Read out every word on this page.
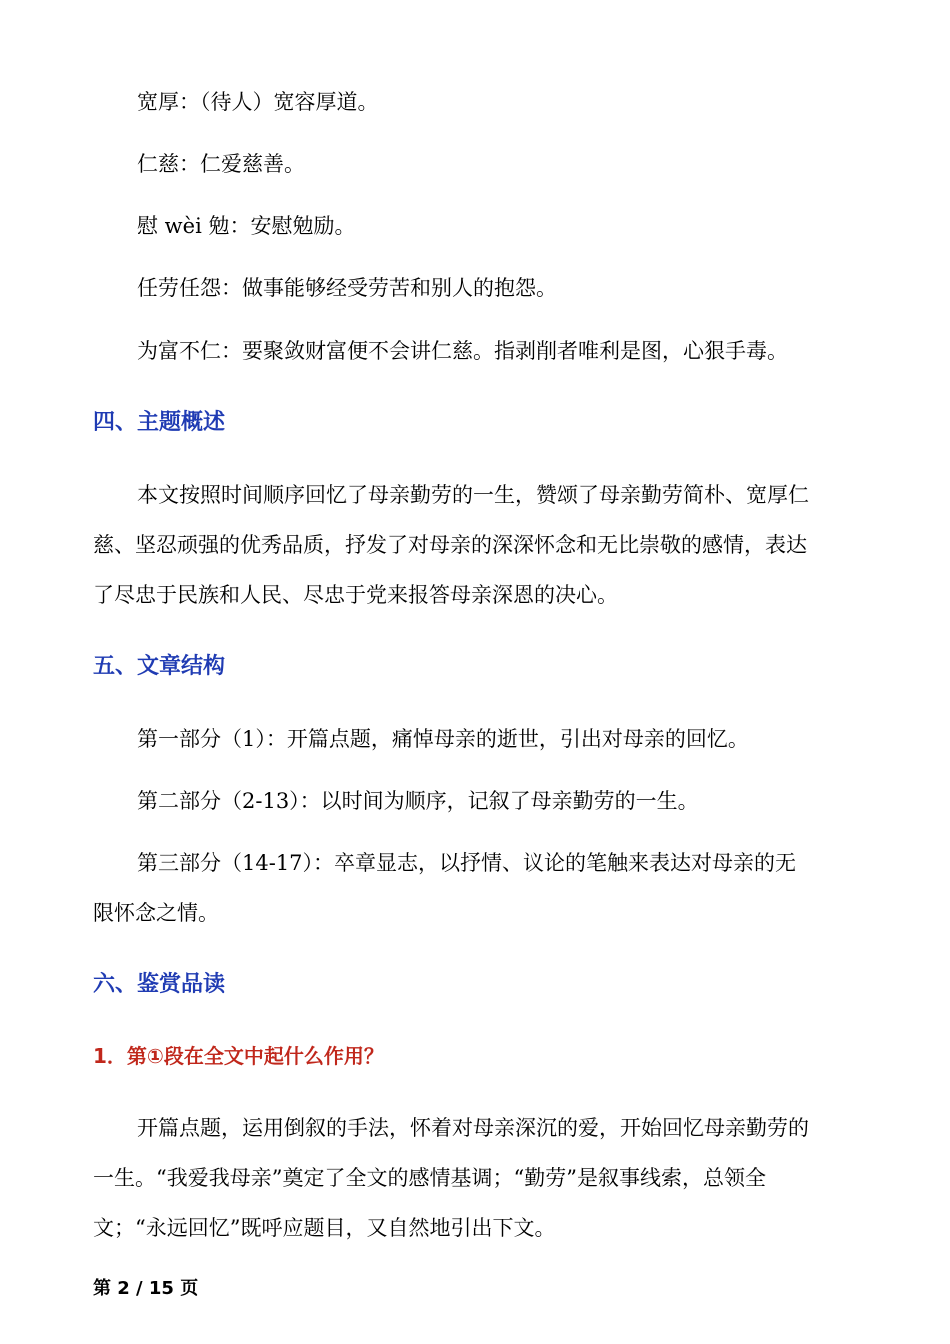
宽厚：（待人）宽容厚道。
仁慈：仁爱慈善。
慰 wèi 勉：安慰勉励。
任劳任怨：做事能够经受劳苦和别人的抱怨。
为富不仁：要聚敛财富便不会讲仁慈。指剥削者唯利是图，心狠手毒。
四、主题概述
本文按照时间顺序回忆了母亲勤劳的一生，赞颂了母亲勤劳简朴、宽厚仁
慈、坚忍顽强的优秀品质，抒发了对母亲的深深怀念和无比崇敬的感情，表达
了尽忠于民族和人民、尽忠于党来报答母亲深恩的决心。
五、文章结构
第一部分（1）：开篇点题，痛悼母亲的逝世，引出对母亲的回忆。
第二部分（2-13）：以时间为顺序，记叙了母亲勤劳的一生。
第三部分（14-17）：卒章显志，以抒情、议论的笔触来表达对母亲的无
限怀念之情。
六、鉴赏品读
1．第①段在全文中起什么作用？
开篇点题，运用倒叙的手法，怀着对母亲深沉的爱，开始回忆母亲勤劳的
一生。“我爱我母亲”奠定了全文的感情基调；“勤劳”是叙事线索，总领全
文；“永远回忆”既呼应题目，又自然地引出下文。
第 2 / 15 页
